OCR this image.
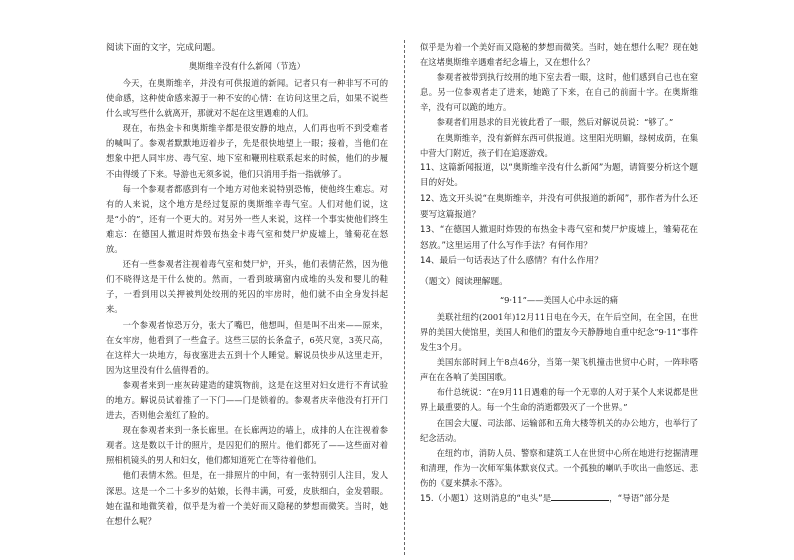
阅读下面的文字，完成问题。

奥斯维辛没有什么新闻（节选）

今天，在奥斯维辛，并没有可供报道的新闻。记者只有一种非写不可的使命感，这种使命感来源于一种不安的心情：在访问这里之后，如果不说些什么或写些什么就离开，那就对不起在这里遇难的人们。

现在，布热金卡和奥斯维辛都是很安静的地点，人们再也听不到受难者的喊叫了。参观者默默地迈着步子，先是很快地望上一眼；接着，当他们在想象中把人同牢房、毒气室、地下室和鞭刑柱联系起来的时候，他们的步履不由得缓了下来。导游也无须多说，他们只消用手指一指就够了。

每一个参观者都感到有一个地方对他来说特别恐怖，使他终生难忘。对有的人来说，这个地方是经过复原的奥斯维辛毒气室。人们对他们说，这是“小的”，还有一个更大的。对另外一些人来说，这样一个事实使他们终生难忘：在德国人撤退时炸毁布热金卡毒气室和焚尸炉废墟上，雏菊花在怒放。

还有一些参观者注视着毒气室和焚尸炉，开头，他们表情茫然，因为他们不晓得这是干什么使的。然而，一看到玻璃窗内成堆的头发和婴儿的鞋子，一看到用以关押被判处绞刑的死囚的牢房时，他们就不由全身发抖起来。

一个参观者惊恐万分，张大了嘴巴，他想叫，但是叫不出来——原来，在女牢房，他看到了一些盒子。这些三层的长条盒子，6英尺宽，3英尺高，在这样大一块地方，每夜塞进去五到十个人睡觉。解说员快步从这里走开，因为这里没有什么值得看的。

参观者来到一座灰砖建造的建筑物前，这是在这里对妇女进行不育试验的地方。解说员试着推了一下门——门是锁着的。参观者庆幸他没有打开门进去，否则他会羞红了脸的。

现在参观者来到一条长廊里。在长廊两边的墙上，成排的人在注视着参观者。这是数以千计的照片，是囚犯们的照片。他们都死了——这些面对着照相机镜头的男人和妇女，他们都知道死亡在等待着他们。

他们表情木然。但是，在一排照片的中间，有一张特别引人注目，发人深思。这是一个二十多岁的姑娘，长得丰满，可爱，皮肤细白，金发碧眼。她在温和地微笑着，似乎是为着一个美好而又隐秘的梦想而微笑。当时，她在想什么呢？

似乎是为着一个美好而又隐秘的梦想而微笑。当时，她在想什么呢？现在她在这堵奥斯维辛遇难者纪念墙上，又在想什么？

参观者被带到执行绞刑的地下室去看一眼，这时，他们感到自己也在窒息。另一位参观者走了进来，她跪了下来，在自己的前面十字。在奥斯维辛，没有可以跪的地方。

参观者们用恳求的目光彼此看了一眼，然后对解说员说：“够了。”

在奥斯维辛，没有新鲜东西可供报道。这里阳光明媚，绿树成荫，在集中营大门附近，孩子们在追逐游戏。

11、这篇新闻报道，以“奥斯维辛没有什么新闻”为题，请简要分析这个题目的好处。

12、选文开头说“在奥斯维辛，并没有可供报道的新闻”，那作者为什么还要写这篇报道？

13、“在德国人撤退时炸毁的布热金卡毒气室和焚尸炉废墟上，雏菊花在怒放。”这里运用了什么写作手法？有何作用？

14、最后一句话表达了什么感情？有什么作用？

（题文）阅读理解题。

“9·11”——美国人心中永远的痛

美联社纽约(2001年)12月11日电在今天，在午后空间，在全国，在世界的美国大使馆里，美国人和他们的盟友今天静静地自重中纪念“9·11”事件发生3个月。

美国东部时间上午8点46分，当第一架飞机撞击世贸中心时，一阵咔嗒声在在各响了美国国歌。

布什总统说：“在9月11日遇难的每一个无辜的人对于某个人来说都是世界上最重要的人。每一个生命的消逝都毁灭了一个世界。”

在国会大厦、司法部、运输部和五角大楼等机关的办公地方，也举行了纪念活动。

在纽约市，消防人员、警察和建筑工人在世贸中心所在地进行挖掘清理和清理，作为一次师军集体默哀仪式。一个孤独的喇叭手吹出一曲悠远、悲伤的《夏来撰永不落》。

15.（小题1）这则消息的“电头”是	，“导语”部分是
